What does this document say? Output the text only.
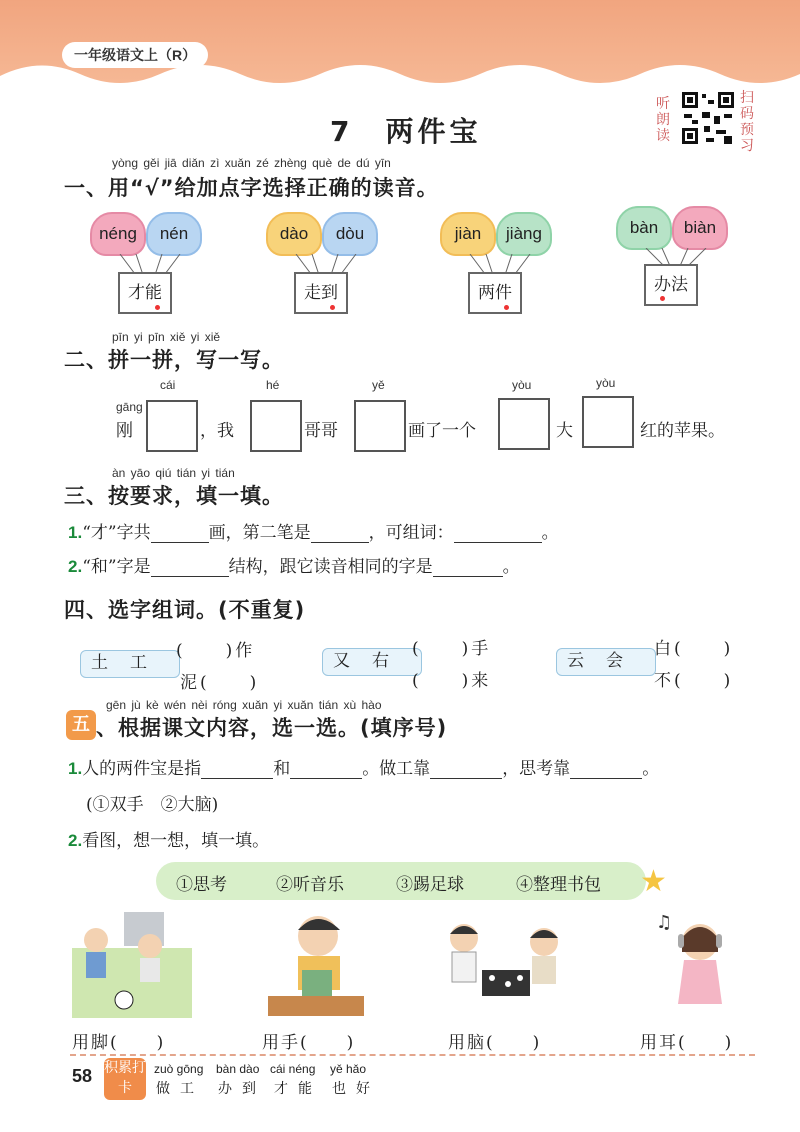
一年级语文上（R）
7　两件宝
听朗读
扫码预习
yòng gěi jiā diǎn zì xuǎn zé zhèng què de dú yīn
一、用“√”给加点字选择正确的读音。
néng	nén
才能
dào	dòu
走到
jiàn	jiàng
两件
bàn	biàn
办法
pīn yi pīn xiě yi xiě
二、拼一拼，写一写。
gāng
刚
cái
，我
hé
哥哥
yě
画了一个
yòu
大
yòu
红的苹果。
àn yāo qiú tián yi tián
三、按要求，填一填。
1.“才”字共	画，第二笔是	，可组词：	。
2.“和”字是	结构，跟它读音相同的字是	。
四、选字组词。(不重复)
土工
(　　)作
泥(　　)
又右
(　　)手
(　　)来
云会
白(　　)
不(　　)
gēn jù kè wén nèi róng xuǎn yi xuǎn tián xù hào
五 、根据课文内容，选一选。(填序号)
1.人的两件宝是指	和	。做工靠	，思考靠	。
(①双手　②大脑)
2.看图，想一想，填一填。
①思考	②听音乐	③踢足球	④整理书包 ★
♫
用脚(　　)	用手(　　)	用脑(　　)	用耳(　　)
58 积累打卡
zuò gōng
做工
bàn dào
办到
cái néng
才能
yě hǎo
也好
